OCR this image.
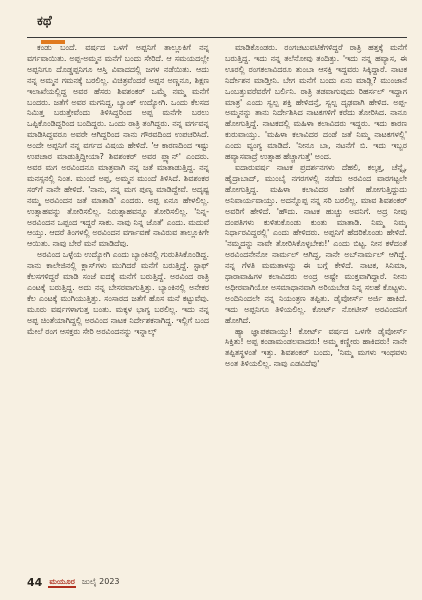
ಕಥೆ

ಕಂಡು ಬಂದೆ. ವರ್ಷದ ಒಳಗೆ ಅಪ್ಪನಿಗೆ ತಾಲ್ಲೂಕಿಗೆ ನನ್ನ ವರ್ಗವಾಯಿತು. ಅಪ್ಪ-ಅಮ್ಮನ ಮನೆಗೆ ಬಂದು ಸೇರಿದೆ. ಆ ಸಮಯದಲ್ಲೇ ಅಪ್ಪನಿಗೂ ದೊಡ್ಡಪ್ಪನಿಗೂ ಆಸ್ತಿ ವಿವಾದದಲ್ಲಿ ಜಗಳ ನಡೆಯಿತು. ಆದು ನನ್ನ ಅಮ್ಮನ ಗಮನಕ್ಕೆ ಬರಲಿಲ್ಲ. ವಿಚಿತ್ರವೆಂದರೆ ಅಪ್ಪನ ಅಣ್ಣನೂ, ಶಿಕ್ಷಣ ಇಲಾಖೆಯಲ್ಲಿದ್ದ ಅವರ ಹೆಸರು ಶಿವಶಂಕರ್ ಒಮ್ಮೆ ನಮ್ಮ ಮನೆಗೆ ಬಂದರು. ಜತೆಗೆ ಅವರ ಮಗನಿದ್ದ, ಬ್ಯಾಂಕ್ ಉದ್ಯೋಗಿ. ಒಂದು ಕೆಲಸದ ನಿಮಿತ್ತ ಬರುತ್ತೇವೆಂದು ತಿಳಿಸಿದ್ದರಿಂದ ಅಪ್ಪ ಮನೆಗೇ ಬರಲು ಒಪ್ಪಿಕೊಂಡಿದ್ದರಿಂದ ಬಂದಿದ್ದರು. ಒಂದು ರಾತ್ರಿ ತಂಗಿದ್ದರು. ನನ್ನ ವರ್ಗವನ್ನ ಮಾಡಿಸಿದ್ದವರೂ ಅವರೇ ಆಗಿದ್ದರಿಂದ ನಾನು ಗೌರವದಿಂದ ಉಪಚರಿಸಿದೆ. ಅಂದೇ ಅಪ್ಪನಿಗೆ ನನ್ನ ವರ್ಗದ ವಿಷಯ ಹೇಳಿದೆ. 'ಆ ಕಾರಣದಿಂದ ಇಷ್ಟು ಉಪಚಾರ ಮಾಡುತ್ತಿದ್ದೀಯಾ? ಶಿವಶಂಕರ್ ಅವರ ಪ್ಲ್ಯಾನ್' ಎಂದರು. ಅವರ ಮಗ ಅರವಿಂದನೂ ಮಾತ್ರವಾಗಿ ನನ್ನ ಜತೆ ಮಾತಾಡುತ್ತಿದ್ದ. ನನ್ನ ಮನಸ್ಸನಲ್ಲಿ ನಿಂತ. ಮುಂದೆ ಅಪ್ಪ, ಅಮ್ಮನ ಮುಂದೆ ತಿಳಿಸಿದೆ. ಶಿವಶಂಕರ ಸರ್‌ಗೆ ನಾನೇ ಹೇಳಿದೆ. 'ನಾನು, ನನ್ನ ಮಗ ಪುಣ್ಯ ಮಾಡಿದ್ದೇವೆ. ಅದೃಷ್ಟ ನಮ್ಮ ಅರವಿಂದನ ಜತೆ ಮಾತಾಡಿ' ಎಂದರು. ಅಪ್ಪ ಏನೂ ಹೇಳಲಿಲ್ಲ. ಉತ್ಸಾಹವನ್ನು ತೋರಿಸಲಿಲ್ಲ. ನಿರುತ್ಸಾಹವನ್ನೂ ತೋರಿಸಲಿಲ್ಲ. 'ನಿನ್ನ-ಅರವಿಂದನ ಒಪ್ಪಂದ ಇದ್ದರೆ ಸಾಕು. ನಾವು ನಿನ್ನ ಜೊತೆ' ಎಂದು. ಮದುವೆ ಆಯ್ತು. ಆದರೆ ತಿಂಗಳಲ್ಲಿ ಅರವಿಂದನ ವರ್ಗಾವಣೆ ನಾವಿರುವ ತಾಲ್ಲೂಕಿಗೇ ಆಯಿತು. ನಾವು ಬೇರೆ ಮನೆ ಮಾಡಿದೆವು.

ಅರವಿಂದ ಒಳ್ಳೆಯ ಉದ್ಯೋಗಿ ಎಂದು ಬ್ಯಾಂಕಿನಲ್ಲಿ ಗುರುತಿಸಿಕೊಂಡಿದ್ದ. ನಾನು ಕಾಲೇಜಿನಲ್ಲಿ ಕ್ಲಾಸ್‌ಗಳು ಮುಗಿದರೆ ಮನೆಗೆ ಬರುತ್ತಿದ್ದೆ. ಸ್ಟಾಫ್ ಕೆಲಸಗಳಿದ್ದರೆ ಮಾಡಿ ಸಂಜೆ ಐದಕ್ಕೆ ಮನೆಗೆ ಬರುತ್ತಿದ್ದೆ. ಅರವಿಂದ ರಾತ್ರಿ ಎಂಟಕ್ಕೆ ಬರುತ್ತಿದ್ದ. ಅದು ನನ್ನ ಬೇಸರವಾಗುತ್ತಿತ್ತು. ಬ್ಯಾಂಕಿನಲ್ಲಿ ಅನೇಕರ ಕೆಲ ಎಂಟಕ್ಕೆ ಮುಗಿಯುತ್ತಿತ್ತು. ಸಂಸಾರದ ಜತೆಗೆ ಹೊಸ ಮನೆ ಕಟ್ಟುವೆವು. ಮೂರು ವರ್ಷಗಳಾಗುತ್ತ ಬಂತು. ಮಕ್ಕಳ ಭಾಗ್ಯ ಬರಲಿಲ್ಲ. ಇದು ನನ್ನ ಅಪ್ಪ ಚಿಂತೆಯಾಗಿದ್ದಲ್ಲಿ ಅರವಿಂದ ನಾಟಕ ನಿರ್ದೇಶಕನಾಗಿದ್ದ. ಇಲ್ಲಿಗೆ ಬಂದ ಮೇಲೆ ರಂಗ ಆಸಕ್ತರು ಸೇರಿ ಅರವಿಂದನನ್ನು ಇನ್ನಾಲ್ಕ್

ಮಾಡಿಕೊಂಡರು. ರಂಗಚಟುವಟಿಕೆಗಳಿದ್ದರೆ ರಾತ್ರಿ ಹತ್ತಕ್ಕೆ ಮನೆಗೆ ಬರುತ್ತಿದ್ದ. ಇದು ನನ್ನ ತಲೆನೋವು ತಂದಿತ್ತು. 'ಇದು ನನ್ನ ಹವ್ಯಾಸ, ಈ ಊರಲ್ಲಿ ರಂಗಕಲಾವಿದರೂ ತುಂಬಾ ಆಸಕ್ತಿ ಇದ್ದವರು ಸಿಕ್ಕಿದ್ದಾರೆ. ನಾಟಕ ನಿರ್ದೇಶನ ಮಾಡ್ತೀನಿ. ಬೇಗ ಮನೆಗೆ ಬಂದು ಏನು ಮಾಡ್ಲಿ? ಮುಂಜಾನೆ ಒಂಬತ್ತುವರೆವರೆಗೆ ಬರ್ಲಿನಿ. ರಾತ್ರಿ ತಡವಾಗುವುದು ರಿಹರ್ಸಲ್ ಇದ್ದಾಗ ಮಾತ್ರ' ಎಂದು ಸ್ವಲ್ಪ ಶಕ್ತಿ ಹೇಳಿದನ್ತೆ, ಸ್ವಲ್ಪ ದೃಢವಾಗಿ ಹೇಳಿದ. ಅಪ್ಪ-ಅಮ್ಮನನ್ನು ತಾನು ನಿರ್ದೇಶಿಸಿದ ನಾಟಕಗಳಿಗೆ ಕರೆದು ತೋರಿಸಿದ. ನಾನೂ ಹೋಗುತ್ತಿದ್ದೆ. ನಾಟಕದಲ್ಲಿ ಮಹಿಳಾ ಕಲಾವಿದರು ಇದ್ದರು. ಇದು ಕಾರಣ ಕುರುವಾಯ್ತು. 'ಮಹಿಳಾ ಕಲಾವಿದರ ದಂಡೆ ಜತೆ ನಿಮ್ಮ ನಾಟಕಗಳಲ್ಲಿ' ಎಂದು ವ್ಯಂಗ್ಯ ಮಾಡಿದೆ. 'ನೀನೂ ಬಾ, ನಟನೆಗೆ ಬಿ. ಇದು ಇಬ್ಬರ ಹವ್ಯಾಸವಾದ್ರೆ ಉತ್ಸಾಹ ಹೆಚ್ಚಾಗುತ್ತೆ' ಅಂದ.

ಐದಾರುವರ್ಷ ನಾಟಕ ಪ್ರದರ್ಶನಗಳು ದೆಹಲಿ, ಕಲ್ಕತ್ತ, ಚೆನ್ನೈ, ಹೈದ್ರಾಬಾದ್, ಮುಂಬೈ ನಗರಗಳಲ್ಲಿ ನಡೆದು ಅರವಿಂದ ವಾರಗಟ್ಟಲೇ ಹೋಗುತ್ತಿದ್ದ. ಮಹಿಳಾ ಕಲಾವಿದರ ಜತೆಗೆ ಹೋಗುತ್ತಿದ್ದುದು ಅನಿವಾರ್ಯವಾಯ್ತು. ಅದನ್ನೊಪ್ಪ ನನ್ನ ಸರಿ ಬರಲಿಲ್ಲ. ಮಾವ ಶಿವಶಂಕರ್ ಅವರಿಗೆ ಹೇಳಿದೆ. 'ಹೌದು. ನಾಟಕ ಹುಚ್ಚು ಅವನಿಗೆ. ಅದ್ರ ನೀವು ದಂಪತಿಗಳು ಕುಳಿತುಕೊಂಡು ಕುಂತು ಮಾತಾಡಿ. ನಿಮ್ಮ ನಿಮ್ಮ ನಿರ್ಧಾರವಿದ್ದರಲ್ಲಿ' ಎಂದು ಹೇಳಿದರು. ಅಪ್ಪನಿಗೆ ಹೆದರಿಕೊಂಡು ಹೇಳಿದೆ. 'ನಮ್ಮದನ್ನು ನಾವೇ ತೋರಿಸಿಕೊಳ್ಳಬೇಕು!' ಎಂದು ಬಿಟ್ಟ. ನೀನ ಕಳೆದಂತೆ ಅರವಿಂದನೇನೋ ನಾರ್ಮಲ್ ಆಗಿದ್ದ, ನಾನೇ ಅಬ್‌ನಾರ್ಮಲ್ ಆಗಿದ್ದೆ. ನನ್ನ ಗೆಳತಿ ಮಮತಾಳನ್ನು ಈ ಬಗ್ಗೆ ಕೇಳಿದೆ. ನಾಟಕ, ಸಿನಿಮಾ, ಧಾರಾವಾಹಿಗಳ ಕಲಾವಿದರು ಅಂದ್ರ ಅಷ್ಟೇ ಮುಕ್ತವಾಗಿದ್ದಾರೆ. ನೀನು ಅಧೀರವಾಗಿಯೋ ಅಸಮಾಧಾನವಾಗಿ ಅರಿಯಬೇಡ ನಿನ್ನ ಸಲಹೆ ಕೊಟ್ಟಳು. ಅಂದಿನಿಂದಲೇ ನನ್ನ ನಿಯಂತ್ರಣ ತಪ್ಪಿತು. ಡೈವೋರ್ಸ್ ಅರ್ಜಿ ಹಾಕಿದೆ. ಇದು ಅಪ್ಪನಿಗೂ ತಿಳಿಯಲಿಲ್ಲ. ಕೋರ್ಟ್ ನೋಟೀಸ್ ಅರವಿಂದನಿಗೆ ಹೋಗಿದೆ.

ಹ್ಯಾ ಜ್ಞಾಪಕವಾಯ್ತು! ಕೋರ್ಟ್ ವರ್ಷದ ಒಳಗೇ ಡೈವೋರ್ಸ್ ಸಿಕ್ತಿತು! ಅಪ್ಪ ಕಂಡಾಮಂಡಲವಾದರು! ಅಮ್ಮ ಕಣ್ಣೀರು ಹಾಕಿದರು! ನಾನೇ ತಪ್ಪಿತಸ್ಥಳಂತೆ ಇತ್ತು. ಶಿವಶಂಕರ್ ಬಂದು, 'ನಿಮ್ಮ ಮಗಳು ಇಂಥವಳು ಅಂತ ತಿಳಿಯಲಿಲ್ಲ. ನಾವು ಎಡವಿದೆವು'

44 ಮಯೂರ ಜುಲೈ 2023
